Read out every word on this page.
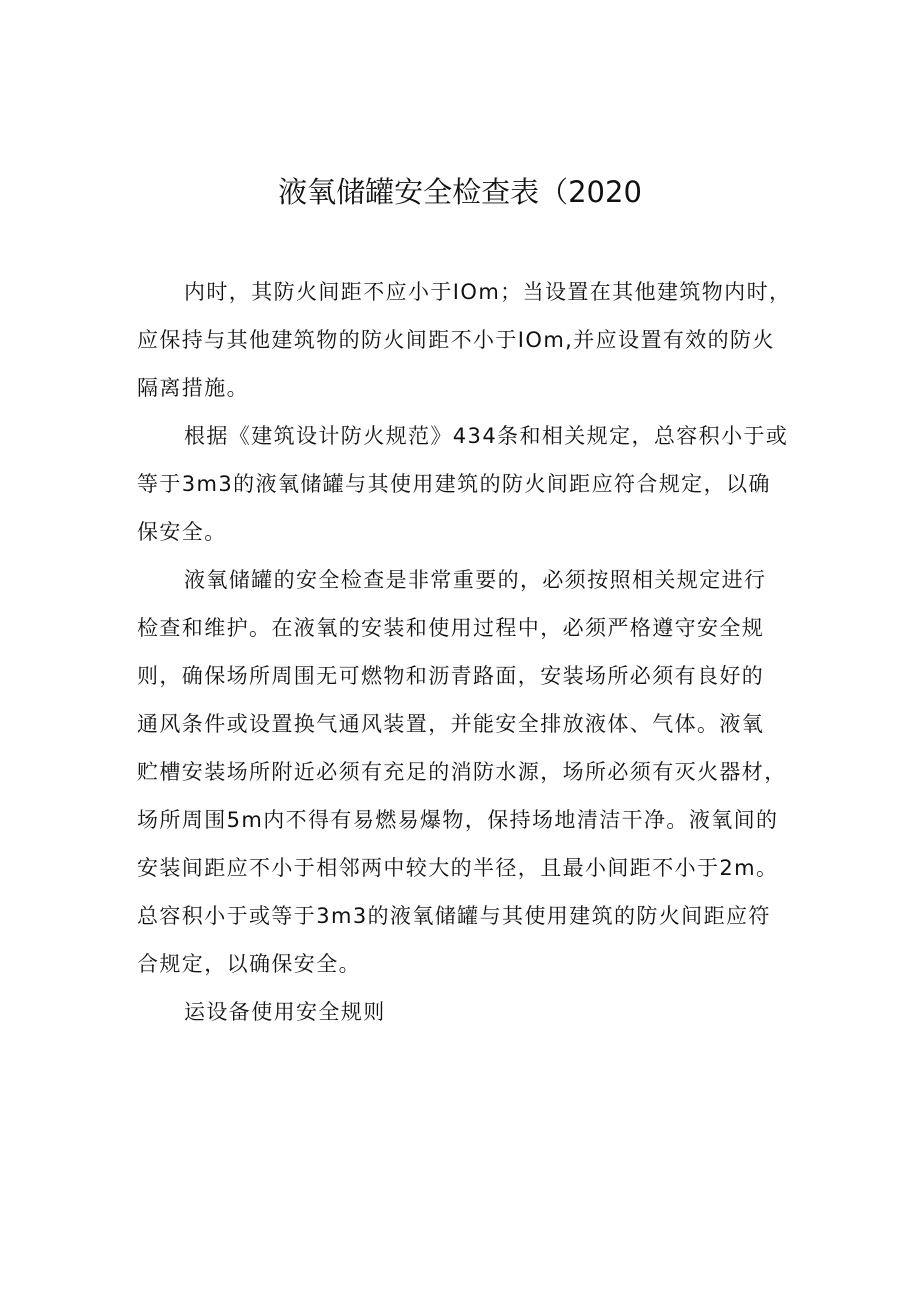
液氧储罐安全检查表（2020
内时，其防火间距不应小于IOm；当设置在其他建筑物内时，
应保持与其他建筑物的防火间距不小于IOm,并应设置有效的防火
隔离措施。
根据《建筑设计防火规范》434条和相关规定，总容积小于或
等于3m3的液氧储罐与其使用建筑的防火间距应符合规定，以确
保安全。
液氧储罐的安全检查是非常重要的，必须按照相关规定进行
检查和维护。在液氧的安装和使用过程中，必须严格遵守安全规
则，确保场所周围无可燃物和沥青路面，安装场所必须有良好的
通风条件或设置换气通风装置，并能安全排放液体、气体。液氧
贮槽安装场所附近必须有充足的消防水源，场所必须有灭火器材，
场所周围5m内不得有易燃易爆物，保持场地清洁干净。液氧间的
安装间距应不小于相邻两中较大的半径，且最小间距不小于2m。
总容积小于或等于3m3的液氧储罐与其使用建筑的防火间距应符
合规定，以确保安全。
运设备使用安全规则
